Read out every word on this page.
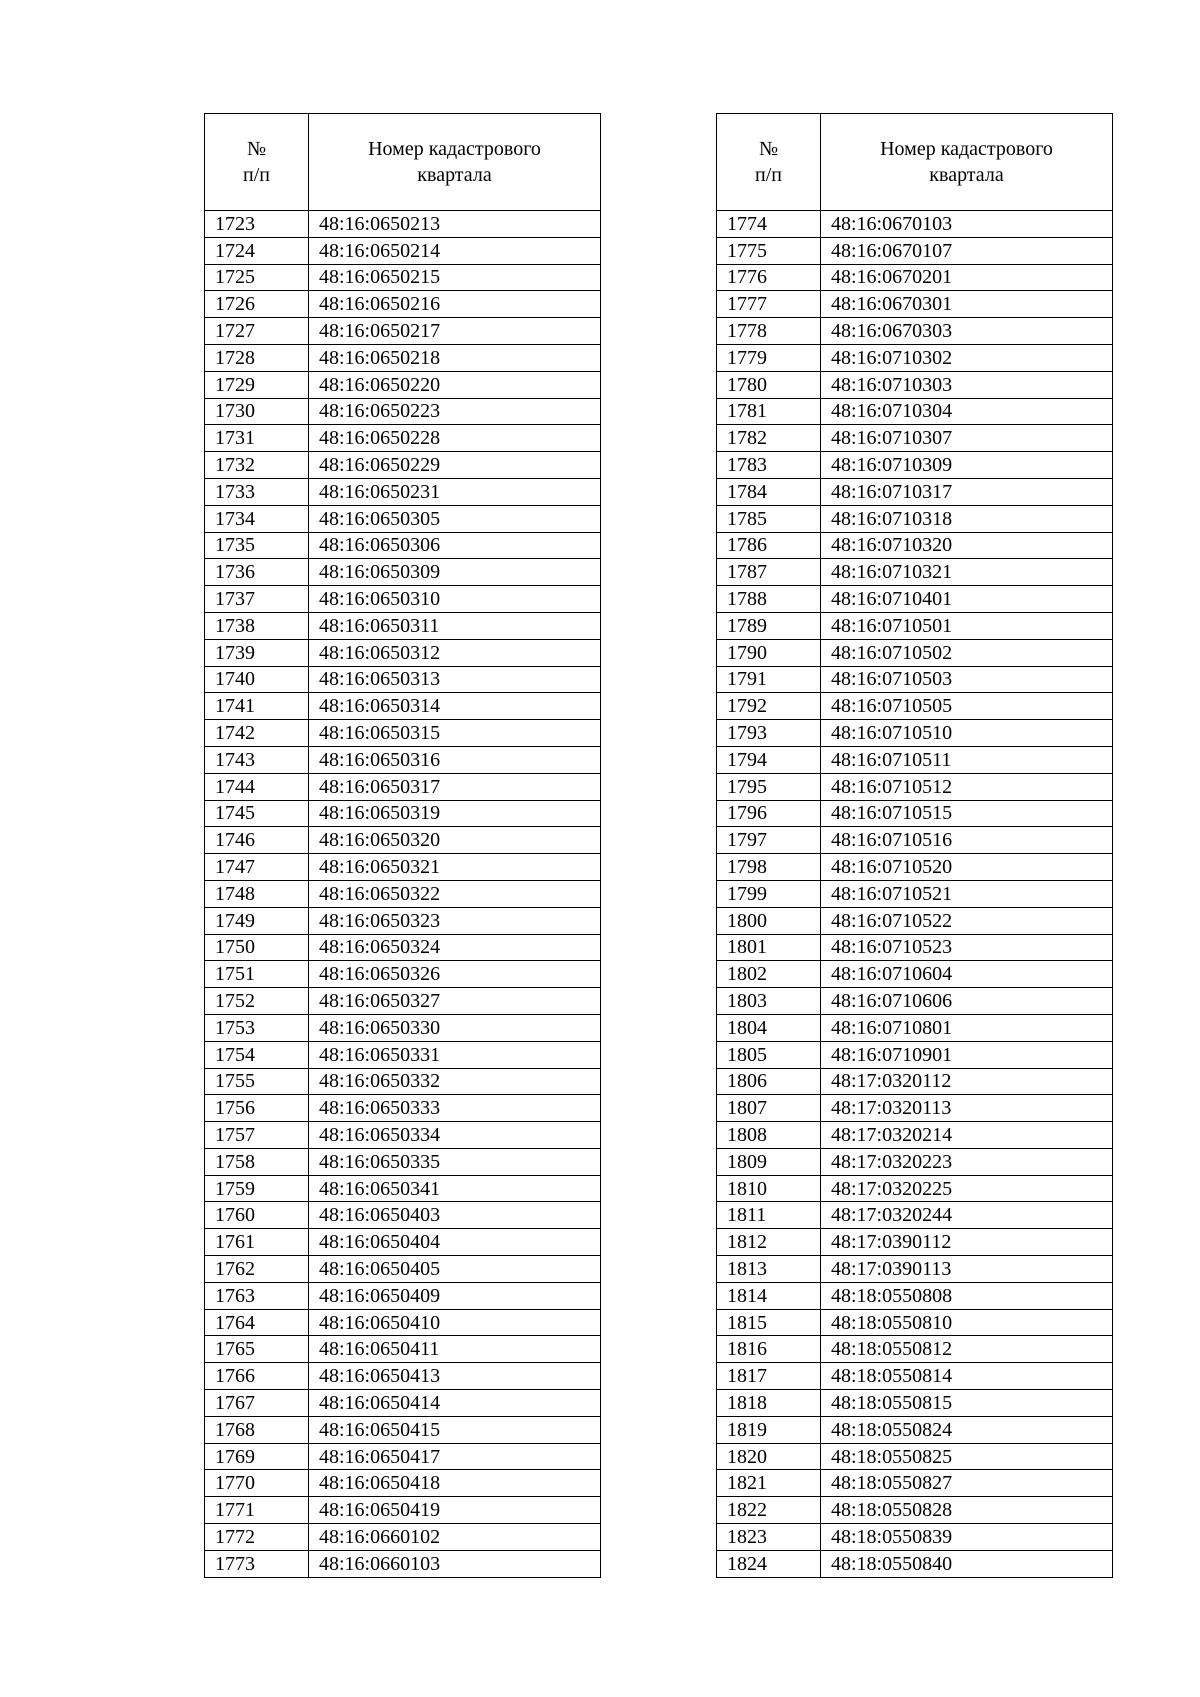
№
п/п	Номер кадастрового
квартала

1723	48:16:0650213
1724	48:16:0650214
1725	48:16:0650215
1726	48:16:0650216
1727	48:16:0650217
1728	48:16:0650218
1729	48:16:0650220
1730	48:16:0650223
1731	48:16:0650228
1732	48:16:0650229
1733	48:16:0650231
1734	48:16:0650305
1735	48:16:0650306
1736	48:16:0650309
1737	48:16:0650310
1738	48:16:0650311
1739	48:16:0650312
1740	48:16:0650313
1741	48:16:0650314
1742	48:16:0650315
1743	48:16:0650316
1744	48:16:0650317
1745	48:16:0650319
1746	48:16:0650320
1747	48:16:0650321
1748	48:16:0650322
1749	48:16:0650323
1750	48:16:0650324
1751	48:16:0650326
1752	48:16:0650327
1753	48:16:0650330
1754	48:16:0650331
1755	48:16:0650332
1756	48:16:0650333
1757	48:16:0650334
1758	48:16:0650335
1759	48:16:0650341
1760	48:16:0650403
1761	48:16:0650404
1762	48:16:0650405
1763	48:16:0650409
1764	48:16:0650410
1765	48:16:0650411
1766	48:16:0650413
1767	48:16:0650414
1768	48:16:0650415
1769	48:16:0650417
1770	48:16:0650418
1771	48:16:0650419
1772	48:16:0660102
1773	48:16:0660103
№
п/п	Номер кадастрового
квартала

1774	48:16:0670103
1775	48:16:0670107
1776	48:16:0670201
1777	48:16:0670301
1778	48:16:0670303
1779	48:16:0710302
1780	48:16:0710303
1781	48:16:0710304
1782	48:16:0710307
1783	48:16:0710309
1784	48:16:0710317
1785	48:16:0710318
1786	48:16:0710320
1787	48:16:0710321
1788	48:16:0710401
1789	48:16:0710501
1790	48:16:0710502
1791	48:16:0710503
1792	48:16:0710505
1793	48:16:0710510
1794	48:16:0710511
1795	48:16:0710512
1796	48:16:0710515
1797	48:16:0710516
1798	48:16:0710520
1799	48:16:0710521
1800	48:16:0710522
1801	48:16:0710523
1802	48:16:0710604
1803	48:16:0710606
1804	48:16:0710801
1805	48:16:0710901
1806	48:17:0320112
1807	48:17:0320113
1808	48:17:0320214
1809	48:17:0320223
1810	48:17:0320225
1811	48:17:0320244
1812	48:17:0390112
1813	48:17:0390113
1814	48:18:0550808
1815	48:18:0550810
1816	48:18:0550812
1817	48:18:0550814
1818	48:18:0550815
1819	48:18:0550824
1820	48:18:0550825
1821	48:18:0550827
1822	48:18:0550828
1823	48:18:0550839
1824	48:18:0550840
